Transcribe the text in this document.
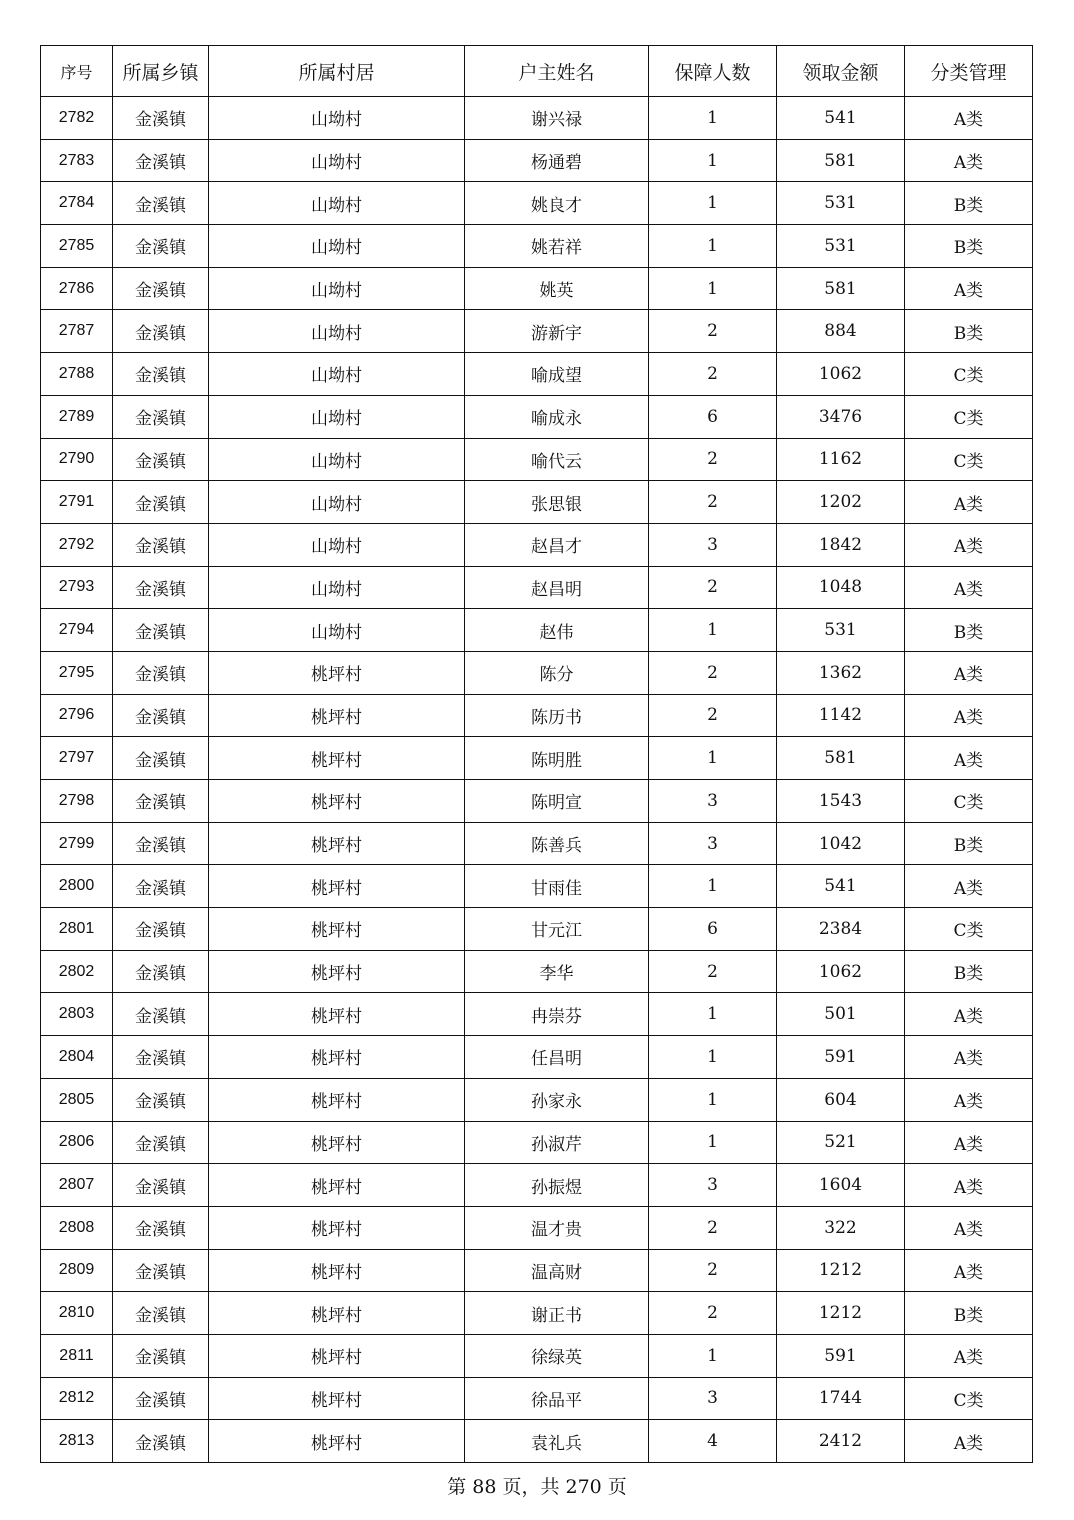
序号	所属乡镇	所属村居	户主姓名	保障人数	领取金额	分类管理
2782	金溪镇	山坳村	谢兴禄	1	541	A类
2783	金溪镇	山坳村	杨通碧	1	581	A类
2784	金溪镇	山坳村	姚良才	1	531	B类
2785	金溪镇	山坳村	姚若祥	1	531	B类
2786	金溪镇	山坳村	姚英	1	581	A类
2787	金溪镇	山坳村	游新宇	2	884	B类
2788	金溪镇	山坳村	喻成望	2	1062	C类
2789	金溪镇	山坳村	喻成永	6	3476	C类
2790	金溪镇	山坳村	喻代云	2	1162	C类
2791	金溪镇	山坳村	张思银	2	1202	A类
2792	金溪镇	山坳村	赵昌才	3	1842	A类
2793	金溪镇	山坳村	赵昌明	2	1048	A类
2794	金溪镇	山坳村	赵伟	1	531	B类
2795	金溪镇	桃坪村	陈分	2	1362	A类
2796	金溪镇	桃坪村	陈历书	2	1142	A类
2797	金溪镇	桃坪村	陈明胜	1	581	A类
2798	金溪镇	桃坪村	陈明宣	3	1543	C类
2799	金溪镇	桃坪村	陈善兵	3	1042	B类
2800	金溪镇	桃坪村	甘雨佳	1	541	A类
2801	金溪镇	桃坪村	甘元江	6	2384	C类
2802	金溪镇	桃坪村	李华	2	1062	B类
2803	金溪镇	桃坪村	冉崇芬	1	501	A类
2804	金溪镇	桃坪村	任昌明	1	591	A类
2805	金溪镇	桃坪村	孙家永	1	604	A类
2806	金溪镇	桃坪村	孙淑芹	1	521	A类
2807	金溪镇	桃坪村	孙振煜	3	1604	A类
2808	金溪镇	桃坪村	温才贵	2	322	A类
2809	金溪镇	桃坪村	温高财	2	1212	A类
2810	金溪镇	桃坪村	谢正书	2	1212	B类
2811	金溪镇	桃坪村	徐绿英	1	591	A类
2812	金溪镇	桃坪村	徐品平	3	1744	C类
2813	金溪镇	桃坪村	袁礼兵	4	2412	A类
第 88 页，共 270 页
